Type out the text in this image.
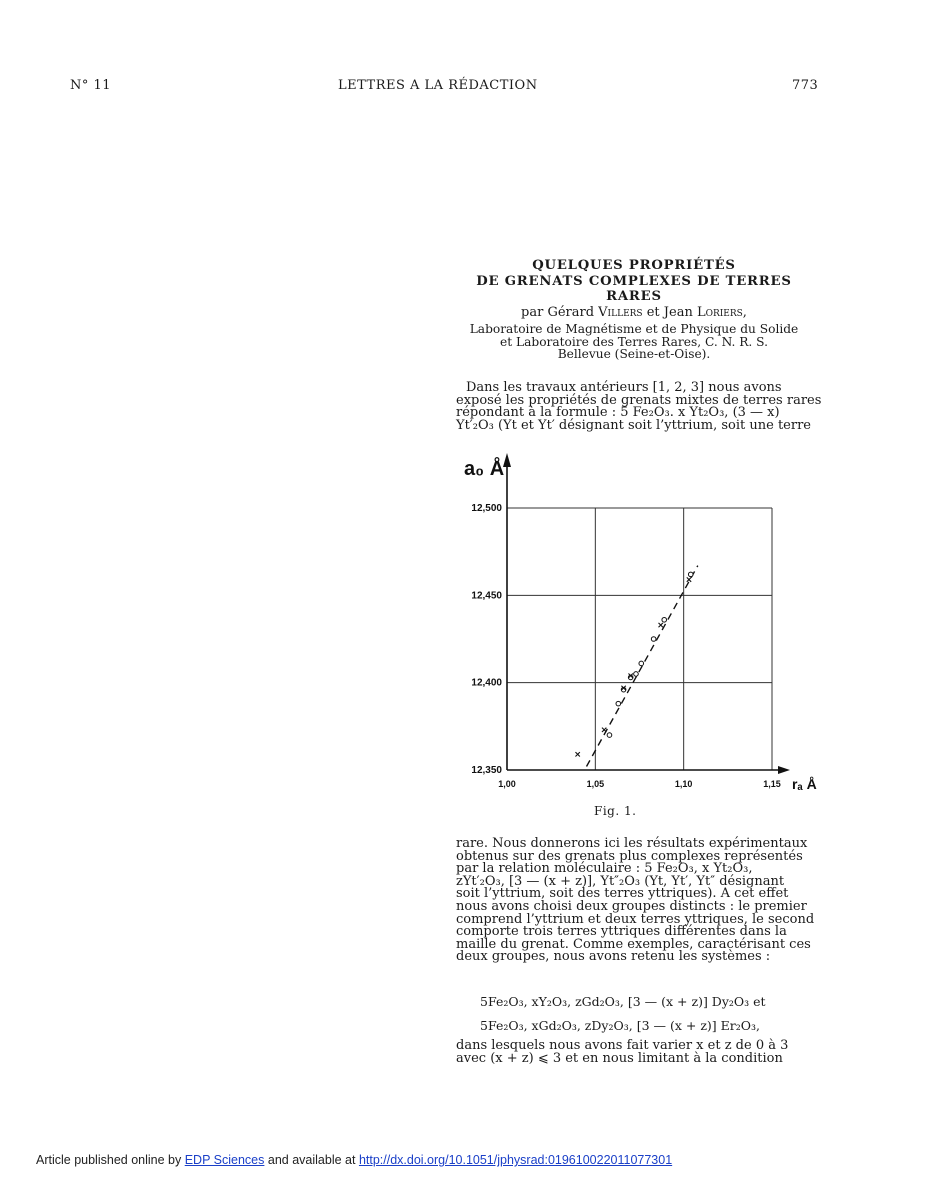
N° 11	LETTRES A LA RÉDACTION	773
QUELQUES PROPRIÉTÉS
DE GRENATS COMPLEXES DE TERRES RARES
par Gérard Villers et Jean Loriers,
Laboratoire de Magnétisme et de Physique du Solide
et Laboratoire des Terres Rares, C. N. R. S.
Bellevue (Seine-et-Oise).

Dans les travaux antérieurs [1, 2, 3] nous avons

exposé les propriétés de grenats mixtes de terres rares

répondant à la formule : 5 Fe₂O₃. x Yt₂O₃, (3 — x)

Yt′₂O₃ (Yt et Yt′ désignant soit l’yttrium, soit une terre

12,350
12,400
12,450
12,500
1,00	1,05	1,10	1,15
a₀ Å
rₐ Å
Fig. 1.

rare. Nous donnerons ici les résultats expérimentaux

obtenus sur des grenats plus complexes représentés

par la relation moléculaire : 5 Fe₂O₃, x Yt₂O₃,

zYt′₂O₃, [3 — (x + z)], Yt″₂O₃ (Yt, Yt′, Yt″ désignant

soit l’yttrium, soit des terres yttriques). A cet effet

nous avons choisi deux groupes distincts : le premier

comprend l’yttrium et deux terres yttriques, le second

comporte trois terres yttriques différentes dans la

maille du grenat. Comme exemples, caractérisant ces

deux groupes, nous avons retenu les systèmes :

5Fe₂O₃, xY₂O₃, zGd₂O₃, [3 — (x + z)] Dy₂O₃ et
5Fe₂O₃, xGd₂O₃, zDy₂O₃, [3 — (x + z)] Er₂O₃,

dans lesquels nous avons fait varier x et z de 0 à 3

avec (x + z) ⩽ 3 et en nous limitant à la condition

Article published online by EDP Sciences and available at http://dx.doi.org/10.1051/jphysrad:019610022011077301
